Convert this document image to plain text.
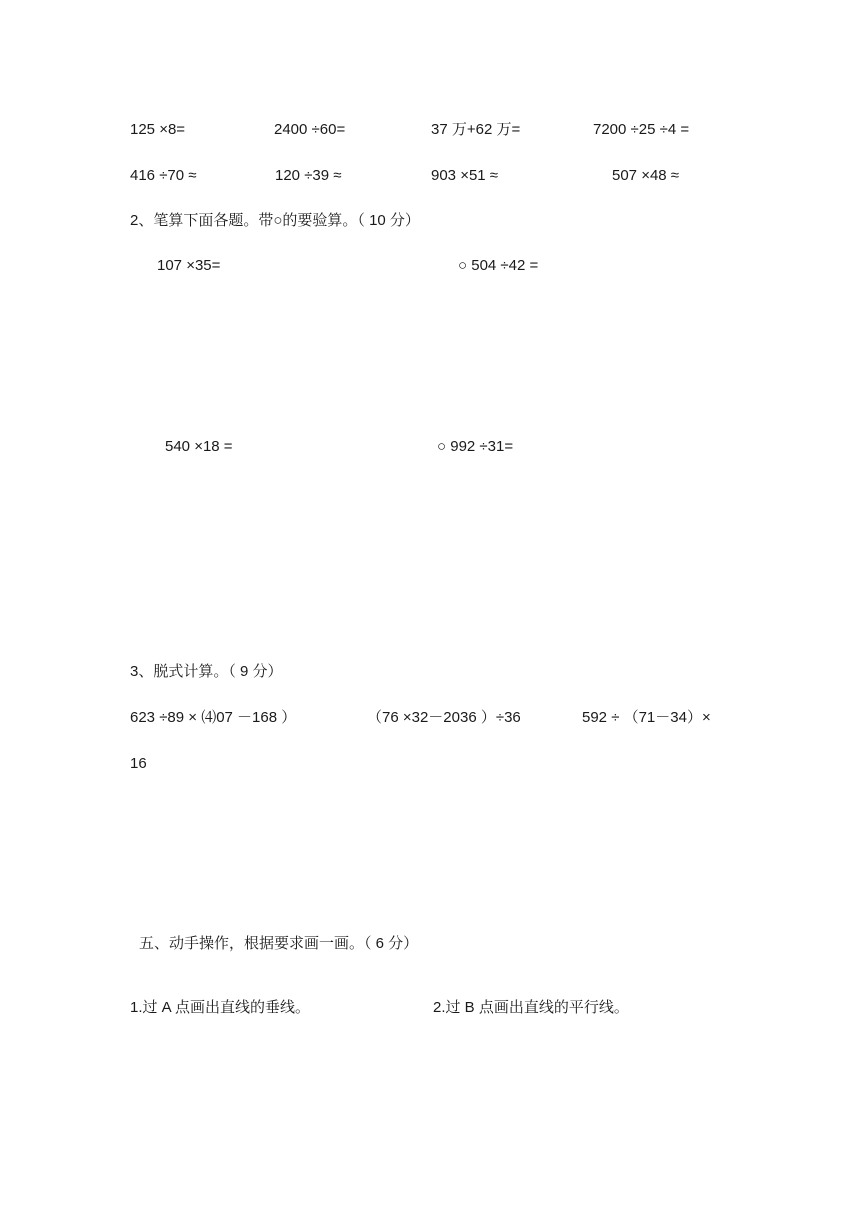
125 ×8=	2400 ÷60=	37 万+62 万=	7200 ÷25 ÷4 =
416 ÷70 ≈	120 ÷39 ≈	903 ×51 ≈	507 ×48 ≈
2、笔算下面各题。带○的要验算。（ 10 分）
107 ×35=	○ 504 ÷42 =
540 ×18 =	○ 992 ÷31=
3、脱式计算。（ 9 分）
623 ÷89 × ⑷07 －168 ）	（76 ×32－2036 ）÷36	592 ÷ （71－34）×
16
五、动手操作，根据要求画一画。（ 6 分）
1.过 A 点画出直线的垂线。	2.过 B 点画出直线的平行线。
